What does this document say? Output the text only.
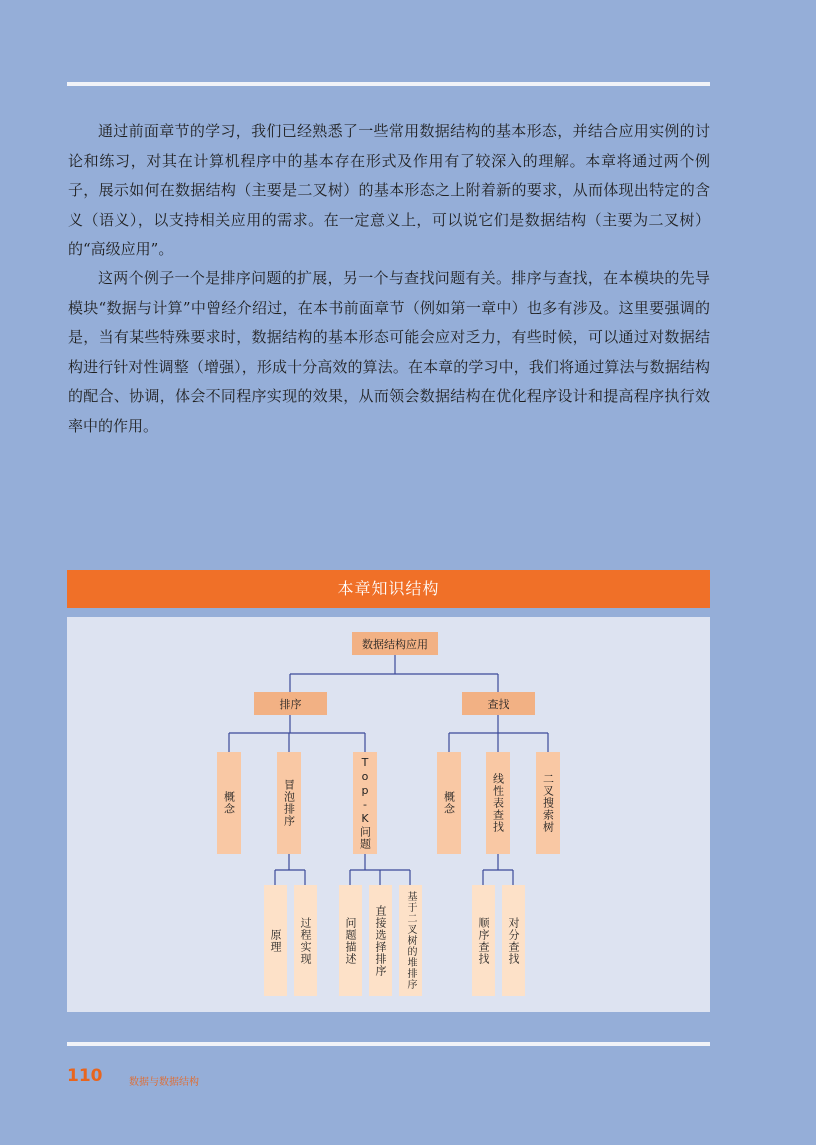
通过前面章节的学习，我们已经熟悉了一些常用数据结构的基本形态，并结合应用实例的讨论和练习，对其在计算机程序中的基本存在形式及作用有了较深入的理解。本章将通过两个例子，展示如何在数据结构（主要是二叉树）的基本形态之上附着新的要求，从而体现出特定的含义（语义），以支持相关应用的需求。在一定意义上，可以说它们是数据结构（主要为二叉树）的“高级应用”。

这两个例子一个是排序问题的扩展，另一个与查找问题有关。排序与查找，在本模块的先导模块“数据与计算”中曾经介绍过，在本书前面章节（例如第一章中）也多有涉及。这里要强调的是，当有某些特殊要求时，数据结构的基本形态可能会应对乏力，有些时候，可以通过对数据结构进行针对性调整（增强），形成十分高效的算法。在本章的学习中，我们将通过算法与数据结构的配合、协调，体会不同程序实现的效果，从而领会数据结构在优化程序设计和提高程序执行效率中的作用。

本章知识结构
数据结构应用
排序	查找
概念	冒泡排序	Top-K问题	概念	线性表查找	二叉搜索树
原理	过程实现	问题描述	直接选择排序	基于二叉树的堆排序	顺序查找	对分查找
110	数据与数据结构
